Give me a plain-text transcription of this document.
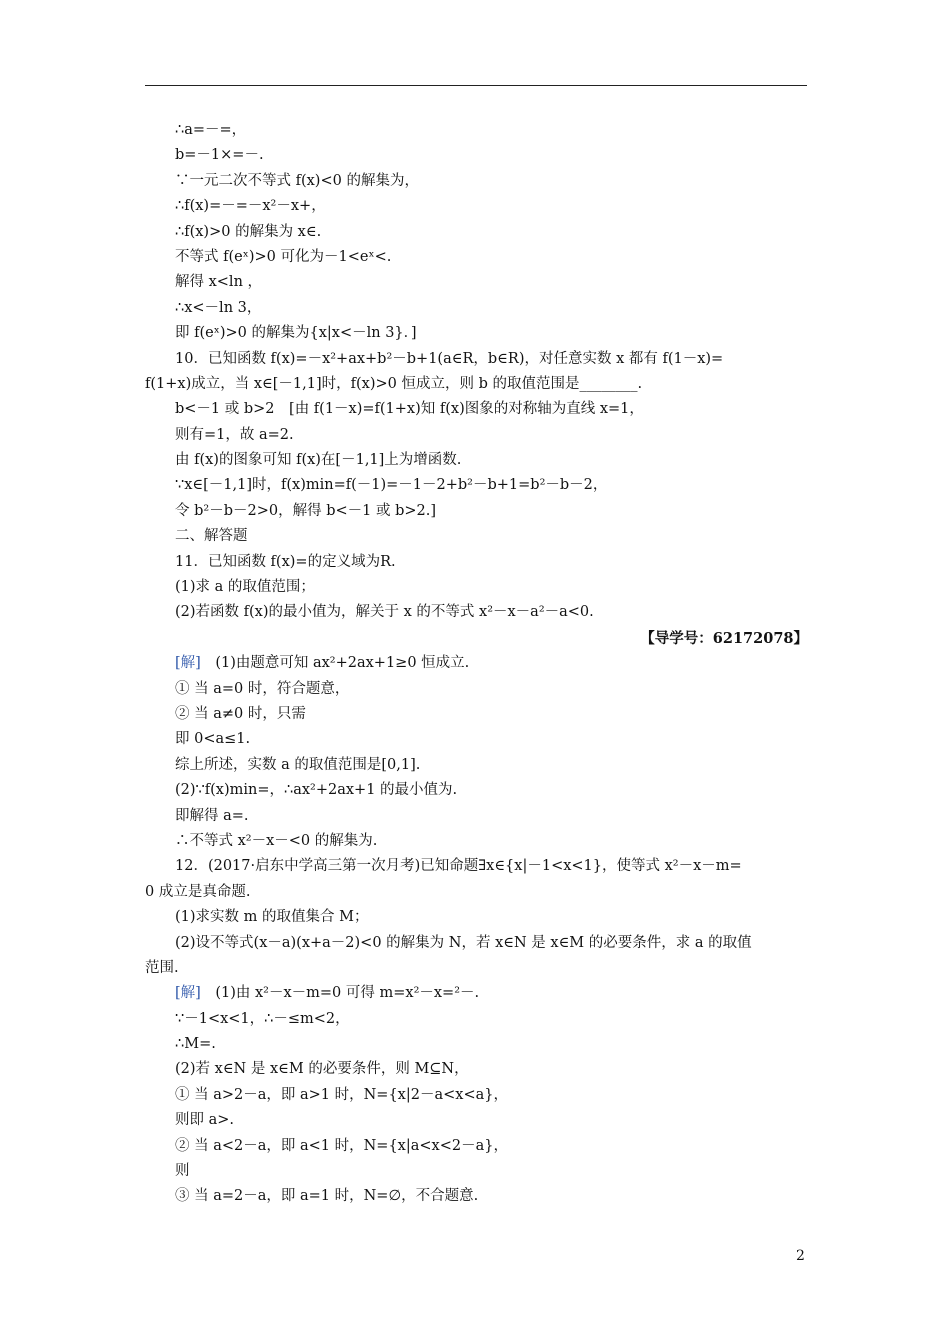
∴a=－=，
b=－1×=－.
∵一元二次不等式 f(x)<0 的解集为，
∴f(x)=－=－x²－x+，
∴f(x)>0 的解集为 x∈.
不等式 f(eˣ)>0 可化为－1<eˣ<.
解得 x<ln ，
∴x<－ln 3，
即 f(eˣ)>0 的解集为{x|x<－ln 3}．]
10．已知函数 f(x)=－x²+ax+b²－b+1(a∈R，b∈R)，对任意实数 x 都有 f(1－x)=
f(1+x)成立，当 x∈[－1,1]时，f(x)>0 恒成立，则 b 的取值范围是________.
b<－1 或 b>2　[由 f(1－x)=f(1+x)知 f(x)图象的对称轴为直线 x=1，
则有=1，故 a=2.
由 f(x)的图象可知 f(x)在[－1,1]上为增函数.
∵x∈[－1,1]时，f(x)min=f(－1)=－1－2+b²－b+1=b²－b－2，
令 b²－b－2>0，解得 b<－1 或 b>2.]
二、解答题
11．已知函数 f(x)=的定义域为R.
(1)求 a 的取值范围；
(2)若函数 f(x)的最小值为，解关于 x 的不等式 x²－x－a²－a<0.
【导学号：62172078】
[解]　(1)由题意可知 ax²+2ax+1≥0 恒成立.
① 当 a=0 时，符合题意，
② 当 a≠0 时，只需
即 0<a≤1.
综上所述，实数 a 的取值范围是[0,1].
(2)∵f(x)min=，∴ax²+2ax+1 的最小值为.
即解得 a=.
∴不等式 x²－x－<0 的解集为.
12．(2017·启东中学高三第一次月考)已知命题∃x∈{x|－1<x<1}，使等式 x²－x－m=
0 成立是真命题.
(1)求实数 m 的取值集合 M；
(2)设不等式(x－a)(x+a－2)<0 的解集为 N，若 x∈N 是 x∈M 的必要条件，求 a 的取值
范围.
[解]　(1)由 x²－x－m=0 可得 m=x²－x=²－.
∵－1<x<1，∴－≤m<2，
∴M=.
(2)若 x∈N 是 x∈M 的必要条件，则 M⊆N，
① 当 a>2－a，即 a>1 时，N={x|2－a<x<a}，
则即 a>.
② 当 a<2－a，即 a<1 时，N={x|a<x<2－a}，
则
③ 当 a=2－a，即 a=1 时，N=∅，不合题意.
2
